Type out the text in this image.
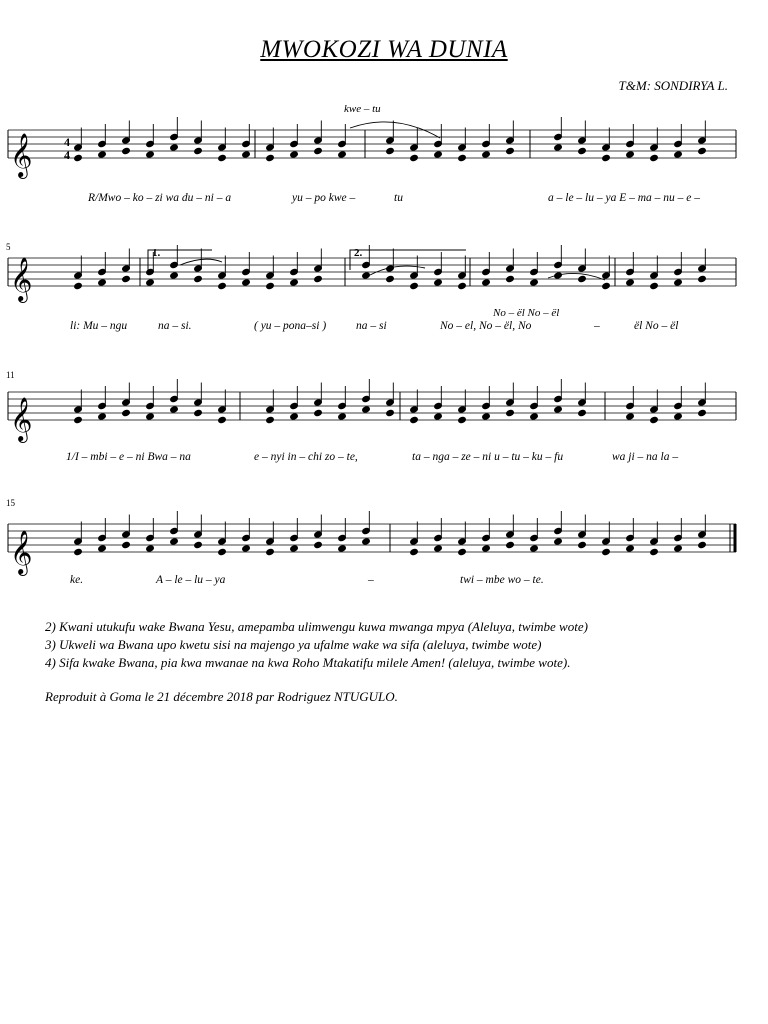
MWOKOZI WA DUNIA
T&M: SONDIRYA L.
𝄞
𝄞
𝄞
𝄞
4
4
5
11
15
1.	2.
kwe – tu
No – ël No – ël
R/Mwo – ko – zi wa du – ni – a	yu – po kwe –	tu	a – le – lu – ya E – ma – nu – e –
li: Mu – ngu	na – si.	( yu – pona–si )	na – si	No – el, No – ël, No	–	ël No – ël
1/I – mbi – e – ni Bwa – na	e – nyi in – chi zo – te,	ta – nga – ze – ni u – tu – ku – fu	wa ji – na la –
ke.	A – le – lu – ya	–	twi – mbe wo – te.
2) Kwani utukufu wake Bwana Yesu, amepamba ulimwengu kuwa mwanga mpya (Aleluya, twimbe wote)
3) Ukweli wa Bwana upo kwetu sisi na majengo ya ufalme wake wa sifa (aleluya, twimbe wote)
4) Sifa kwake Bwana, pia kwa mwanae na kwa Roho Mtakatifu milele Amen! (aleluya, twimbe wote).
Reproduit à Goma le 21 décembre 2018 par Rodriguez NTUGULO.
